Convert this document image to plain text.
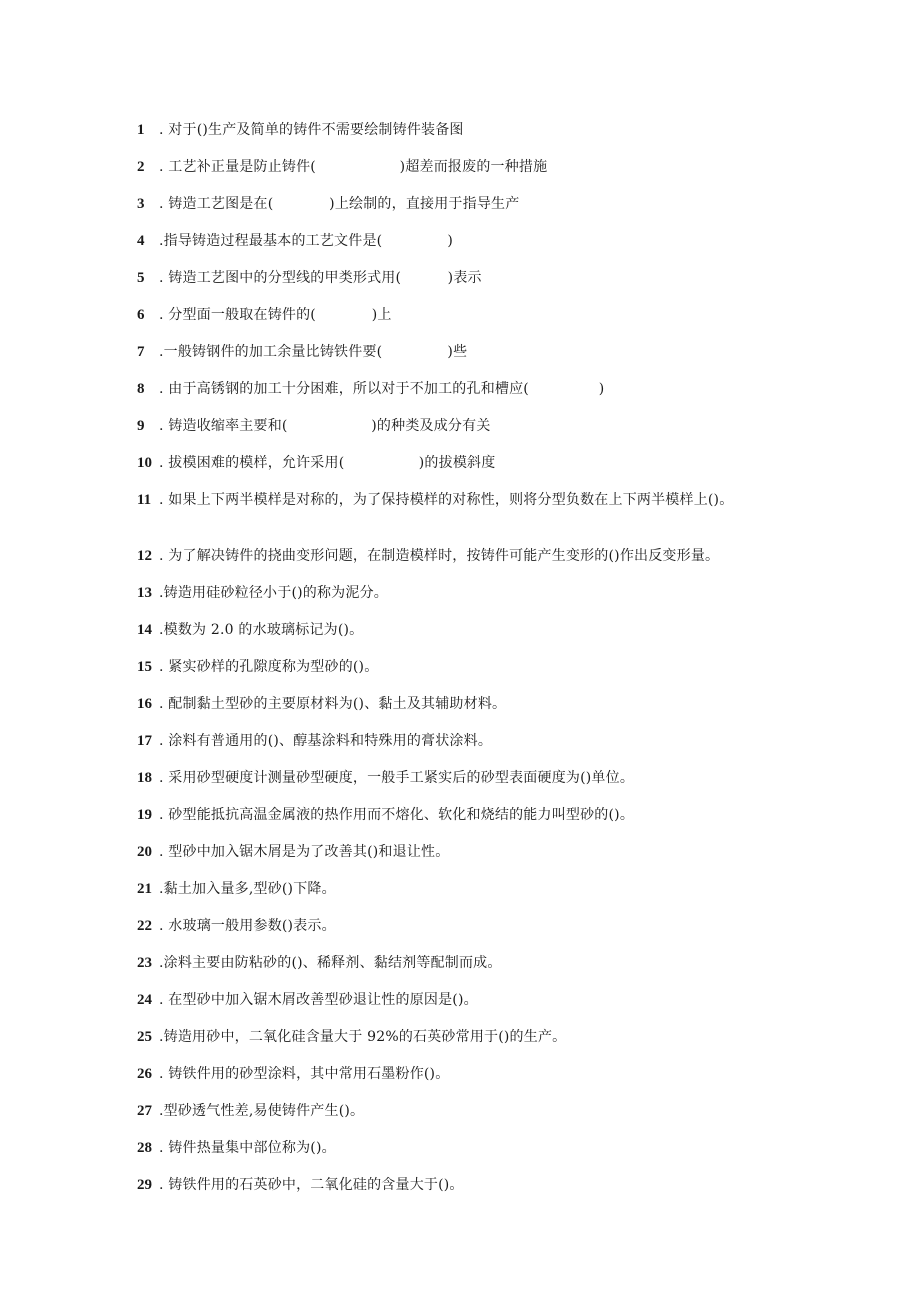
1	. 对于()生产及简单的铸件不需要绘制铸件装备图
2	. 工艺补正量是防止铸件(                  )超差而报废的一种措施
3	. 铸造工艺图是在(            )上绘制的，直接用于指导生产
4	.指导铸造过程最基本的工艺文件是(              )
5	. 铸造工艺图中的分型线的甲类形式用(          )表示
6	. 分型面一般取在铸件的(            )上
7	.一般铸钢件的加工余量比铸铁件要(              )些
8	. 由于高锈钢的加工十分困难，所以对于不加工的孔和槽应(               )
9	. 铸造收缩率主要和(                  )的种类及成分有关
10 . 拔模困难的模样，允许采用(                )的拔模斜度
11 . 如果上下两半模样是对称的，为了保持模样的对称性，则将分型负数在上下两半模样上()。
12 . 为了解决铸件的挠曲变形问题，在制造模样时，按铸件可能产生变形的()作出反变形量。
13 .铸造用硅砂粒径小于()的称为泥分。
14 .模数为 2.0 的水玻璃标记为()。
15 . 紧实砂样的孔隙度称为型砂的()。
16 . 配制黏土型砂的主要原材料为()、黏土及其辅助材料。
17 . 涂料有普通用的()、醇基涂料和特殊用的膏状涂料。
18 . 采用砂型硬度计测量砂型硬度，一般手工紧实后的砂型表面硬度为()单位。
19 . 砂型能抵抗高温金属液的热作用而不熔化、软化和烧结的能力叫型砂的()。
20 . 型砂中加入锯木屑是为了改善其()和退让性。
21 .黏土加入量多,型砂()下降。
22 . 水玻璃一般用参数()表示。
23 .涂料主要由防粘砂的()、稀释剂、黏结剂等配制而成。
24 . 在型砂中加入锯木屑改善型砂退让性的原因是()。
25 .铸造用砂中，二氧化硅含量大于 92%的石英砂常用于()的生产。
26 . 铸铁件用的砂型涂料，其中常用石墨粉作()。
27 .型砂透气性差,易使铸件产生()。
28 . 铸件热量集中部位称为()。
29 . 铸铁件用的石英砂中，二氧化硅的含量大于()。
